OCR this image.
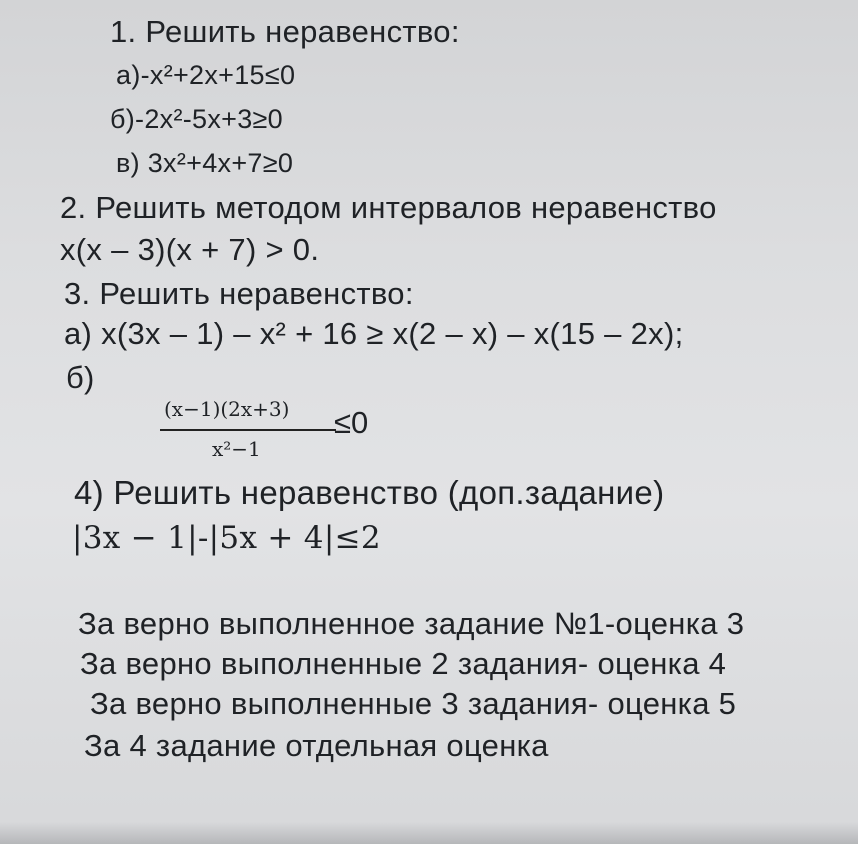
1. Решить неравенство:
а)-x²+2x+15≤0
б)-2x²-5x+3≥0
в) 3x²+4x+7≥0
2. Решить методом интервалов неравенство
x(x – 3)(x + 7) > 0.
3. Решить неравенство:
а) x(3x – 1) – x² + 16 ≥ x(2 – x) – x(15 – 2x);
б)
(x−1)(2x+3)
x²−1
≤0
4) Решить неравенство (доп.задание)
|3x − 1|-|5x + 4|≤2
За верно выполненное задание №1-оценка 3
За верно выполненные 2 задания- оценка 4
За верно выполненные 3 задания- оценка 5
За 4 задание отдельная оценка
